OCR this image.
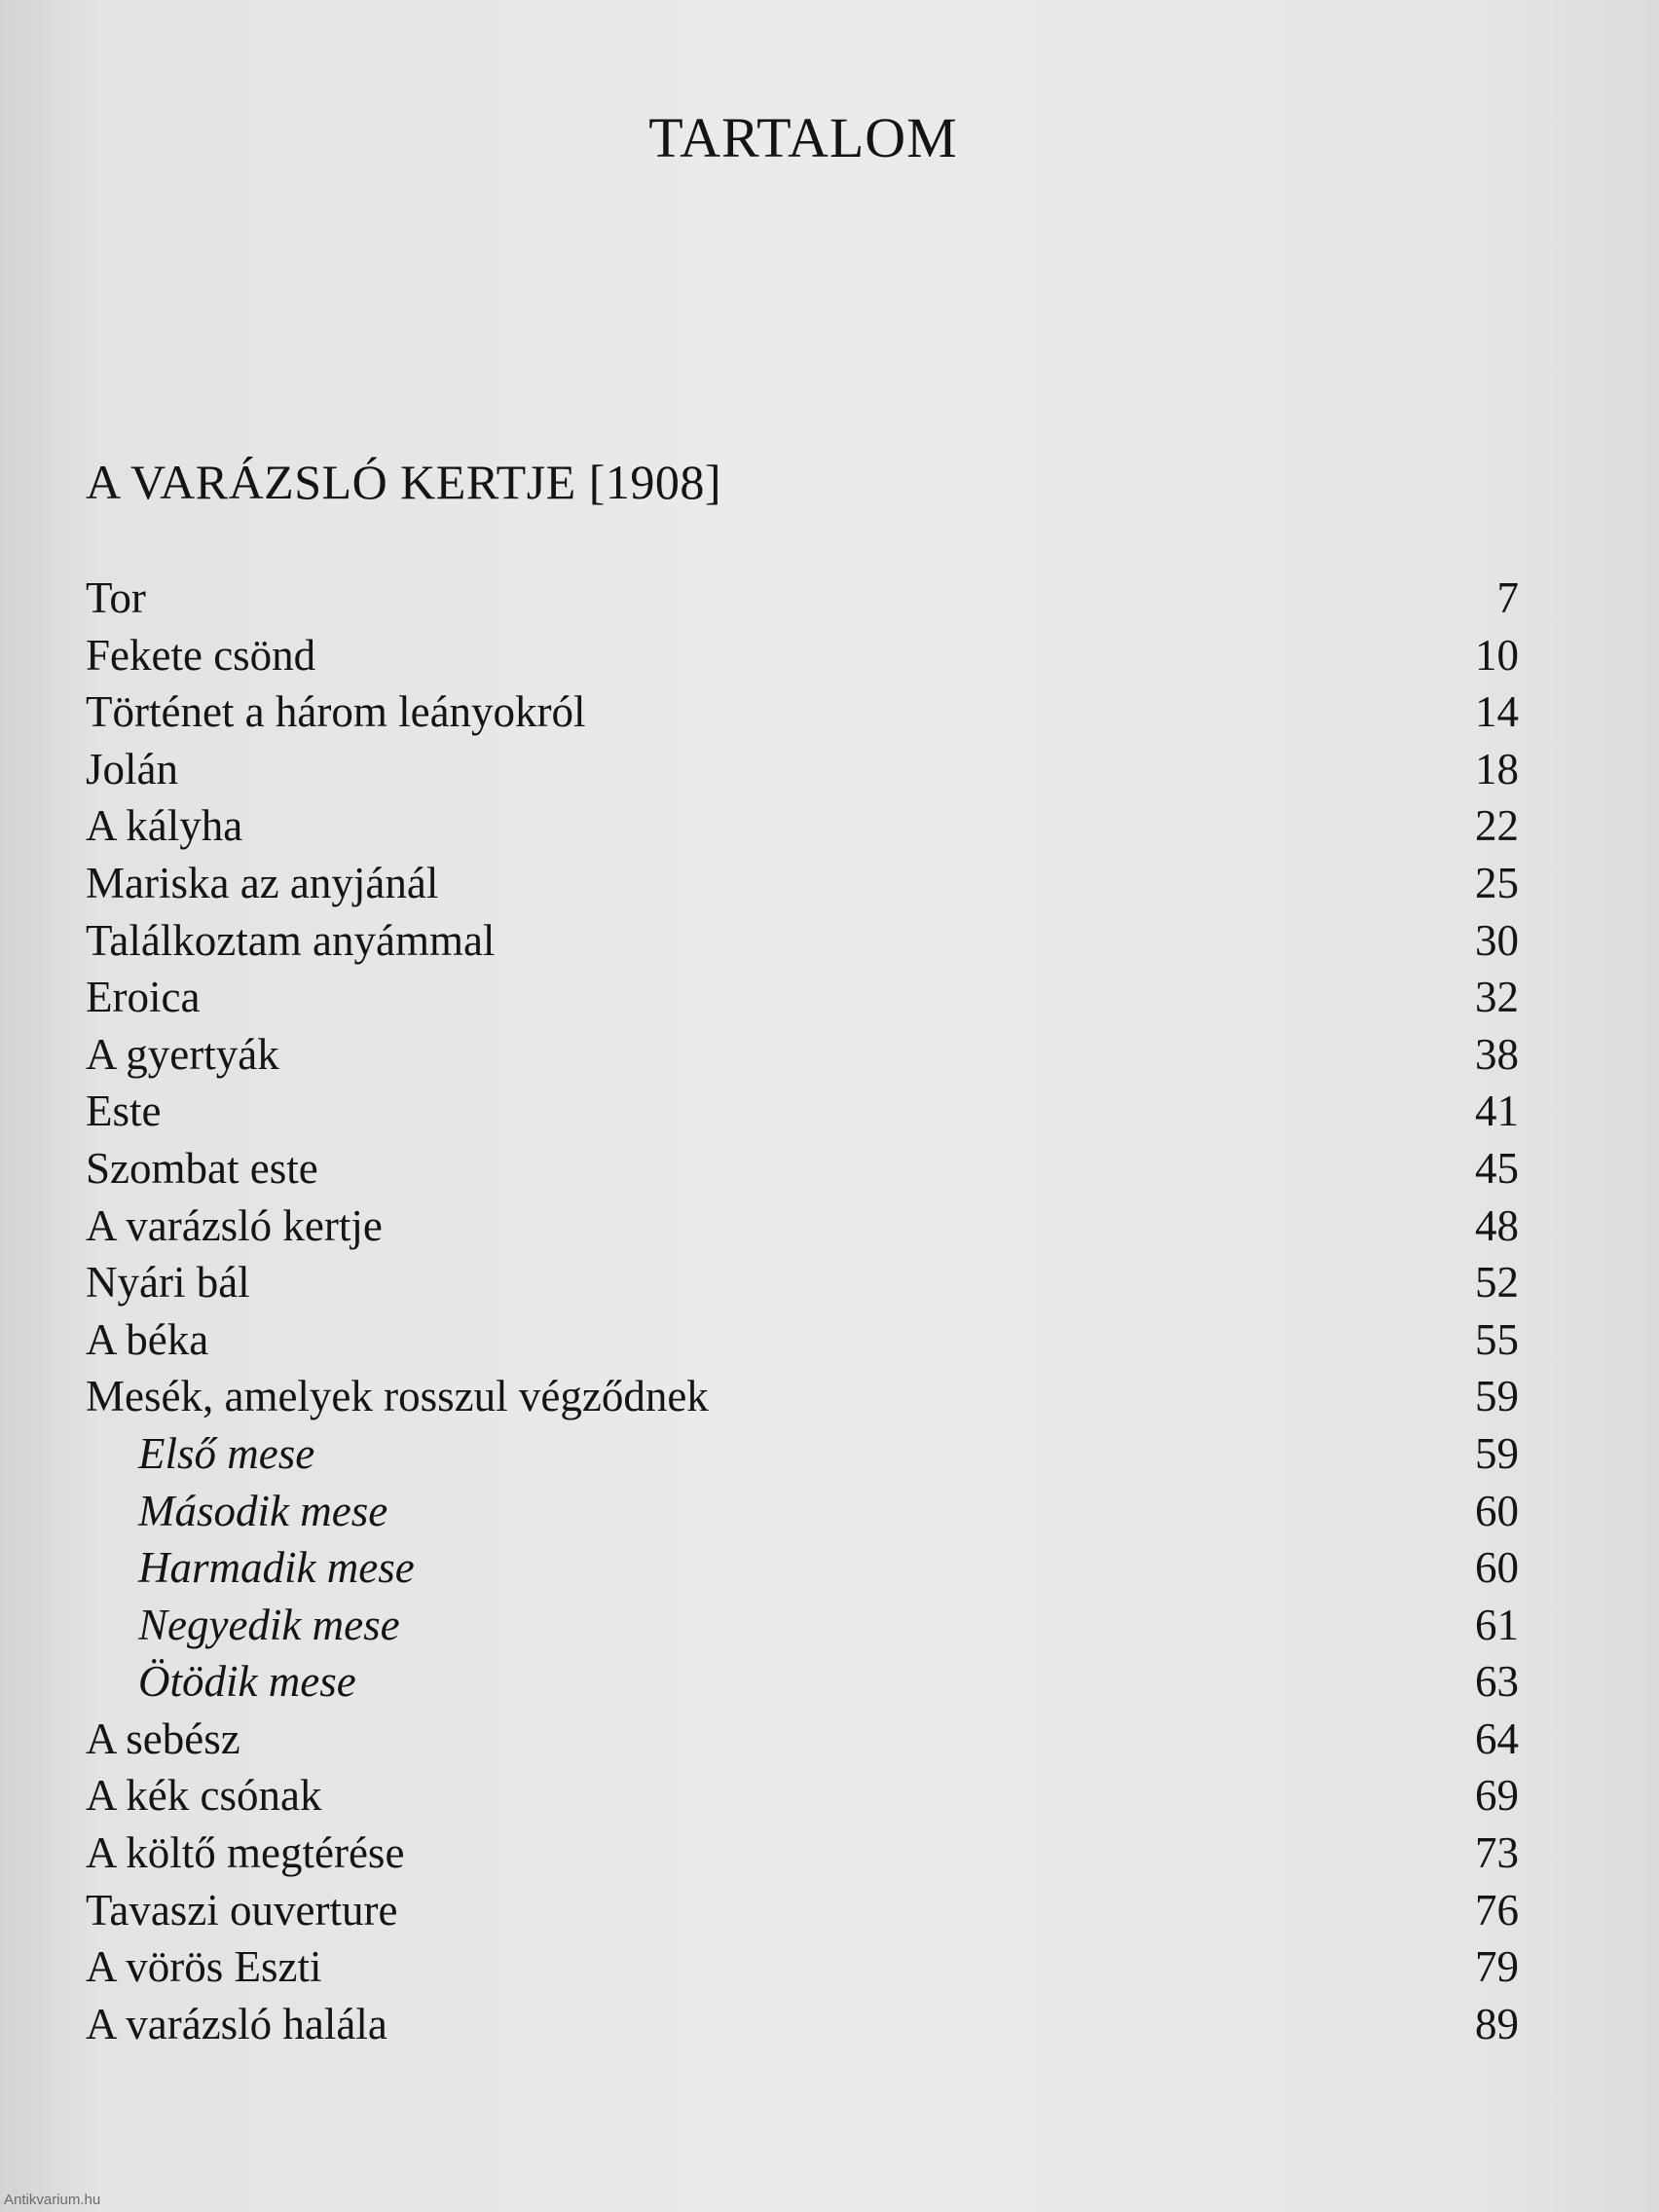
TARTALOM
A VARÁZSLÓ KERTJE [1908]
Tor	7
Fekete csönd	10
Történet a három leányokról	14
Jolán	18
A kályha	22
Mariska az anyjánál	25
Találkoztam anyámmal	30
Eroica	32
A gyertyák	38
Este	41
Szombat este	45
A varázsló kertje	48
Nyári bál	52
A béka	55
Mesék, amelyek rosszul végződnek	59
Első mese	59
Második mese	60
Harmadik mese	60
Negyedik mese	61
Ötödik mese	63
A sebész	64
A kék csónak	69
A költő megtérése	73
Tavaszi ouverture	76
A vörös Eszti	79
A varázsló halála	89
Antikvarium.hu
